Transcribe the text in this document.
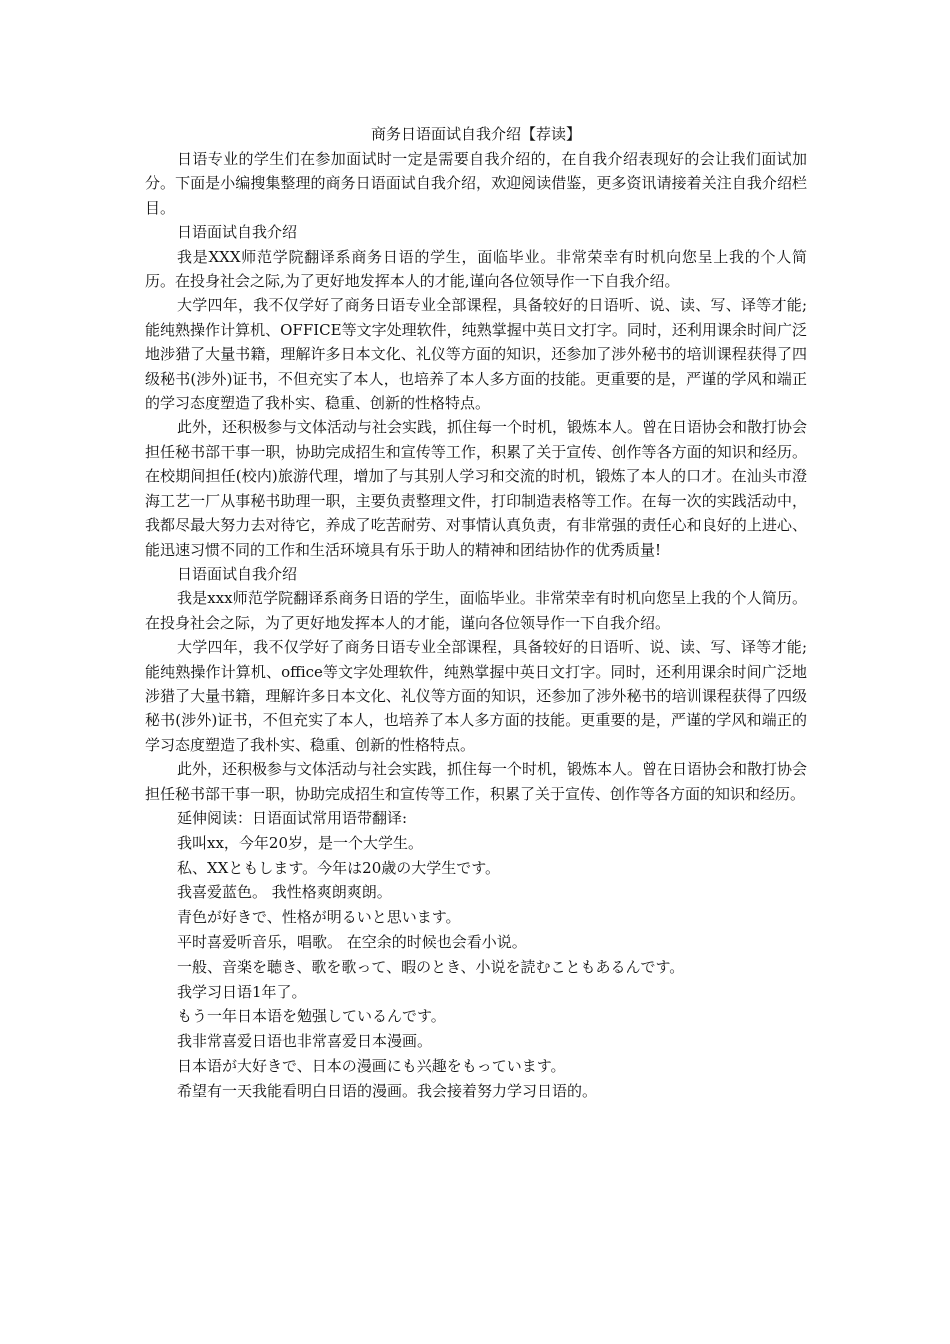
商务日语面试自我介绍【荐读】

日语专业的学生们在参加面试时一定是需要自我介绍的，在自我介绍表现好的会让我们面试加分。下面是小编搜集整理的商务日语面试自我介绍，欢迎阅读借鉴，更多资讯请接着关注自我介绍栏目。

日语面试自我介绍

我是XXX师范学院翻译系商务日语的学生，面临毕业。非常荣幸有时机向您呈上我的个人简历。在投身社会之际,为了更好地发挥本人的才能,谨向各位领导作一下自我介绍。

大学四年，我不仅学好了商务日语专业全部课程，具备较好的日语听、说、读、写、译等才能;能纯熟操作计算机、OFFICE等文字处理软件，纯熟掌握中英日文打字。同时，还利用课余时间广泛地涉猎了大量书籍，理解许多日本文化、礼仪等方面的知识，还参加了涉外秘书的培训课程获得了四级秘书(涉外)证书，不但充实了本人，也培养了本人多方面的技能。更重要的是，严谨的学风和端正的学习态度塑造了我朴实、稳重、创新的性格特点。

此外，还积极参与文体活动与社会实践，抓住每一个时机，锻炼本人。曾在日语协会和散打协会担任秘书部干事一职，协助完成招生和宣传等工作，积累了关于宣传、创作等各方面的知识和经历。在校期间担任(校内)旅游代理，增加了与其别人学习和交流的时机，锻炼了本人的口才。在汕头市澄海工艺一厂从事秘书助理一职，主要负责整理文件，打印制造表格等工作。在每一次的实践活动中，我都尽最大努力去对待它，养成了吃苦耐劳、对事情认真负责，有非常强的责任心和良好的上进心、能迅速习惯不同的工作和生活环境具有乐于助人的精神和团结协作的优秀质量!

日语面试自我介绍

我是xxx师范学院翻译系商务日语的学生，面临毕业。非常荣幸有时机向您呈上我的个人简历。在投身社会之际，为了更好地发挥本人的才能，谨向各位领导作一下自我介绍。

大学四年，我不仅学好了商务日语专业全部课程，具备较好的日语听、说、读、写、译等才能;能纯熟操作计算机、office等文字处理软件，纯熟掌握中英日文打字。同时，还利用课余时间广泛地涉猎了大量书籍，理解许多日本文化、礼仪等方面的知识，还参加了涉外秘书的培训课程获得了四级秘书(涉外)证书，不但充实了本人，也培养了本人多方面的技能。更重要的是，严谨的学风和端正的学习态度塑造了我朴实、稳重、创新的性格特点。

此外，还积极参与文体活动与社会实践，抓住每一个时机，锻炼本人。曾在日语协会和散打协会担任秘书部干事一职，协助完成招生和宣传等工作，积累了关于宣传、创作等各方面的知识和经历。

延伸阅读：日语面试常用语带翻译:

我叫xx，今年20岁，是一个大学生。

私、XXともします。今年は20歳の大学生です。

我喜爱蓝色。 我性格爽朗爽朗。

青色が好きで、性格が明るいと思います。

平时喜爱听音乐，唱歌。 在空余的时候也会看小说。

一般、音楽を聴き、歌を歌って、暇のとき、小说を読むこともあるんです。

我学习日语1年了。

もう一年日本语を勉强しているんです。

我非常喜爱日语也非常喜爱日本漫画。

日本语が大好きで、日本の漫画にも兴趣をもっています。

希望有一天我能看明白日语的漫画。我会接着努力学习日语的。
